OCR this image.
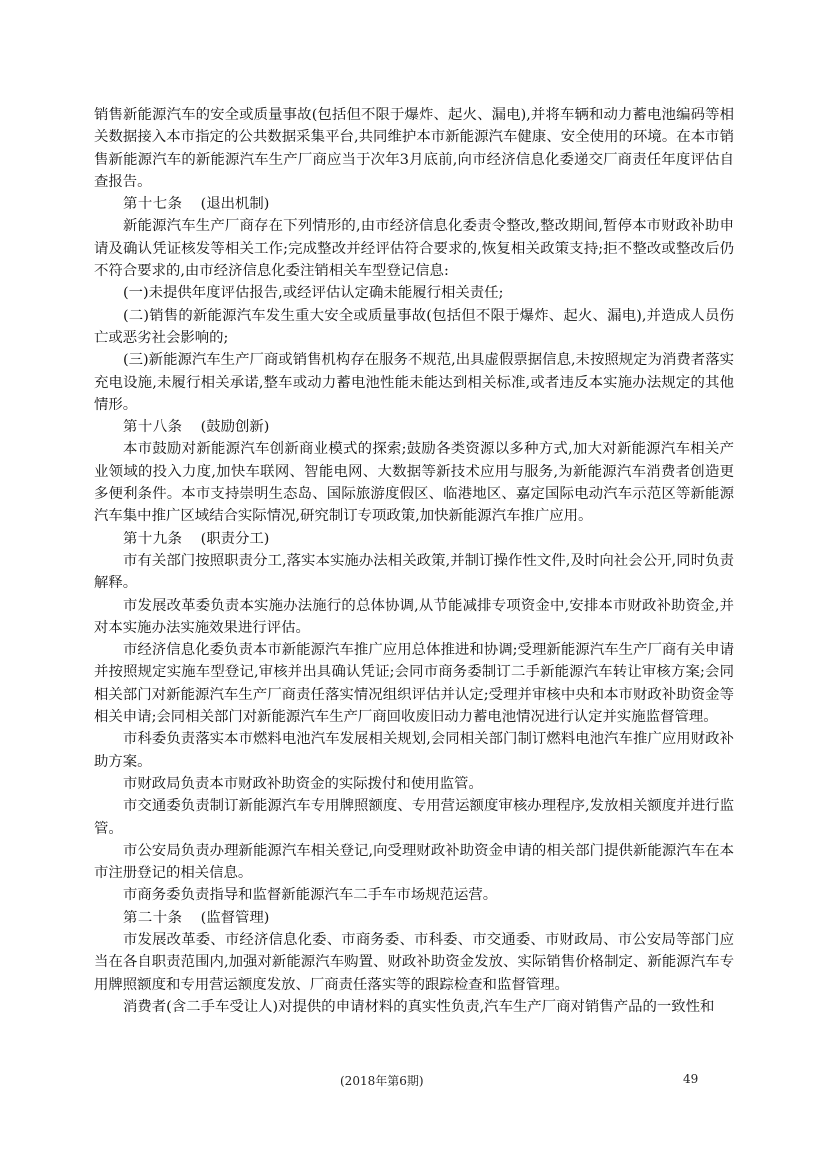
销售新能源汽车的安全或质量事故(包括但不限于爆炸、起火、漏电),并将车辆和动力蓄电池编码等相关数据接入本市指定的公共数据采集平台,共同维护本市新能源汽车健康、安全使用的环境。在本市销售新能源汽车的新能源汽车生产厂商应当于次年3月底前,向市经济信息化委递交厂商责任年度评估自查报告。

第十七条 (退出机制)

新能源汽车生产厂商存在下列情形的,由市经济信息化委责令整改,整改期间,暂停本市财政补助申请及确认凭证核发等相关工作;完成整改并经评估符合要求的,恢复相关政策支持;拒不整改或整改后仍不符合要求的,由市经济信息化委注销相关车型登记信息:

(一)未提供年度评估报告,或经评估认定确未能履行相关责任;

(二)销售的新能源汽车发生重大安全或质量事故(包括但不限于爆炸、起火、漏电),并造成人员伤亡或恶劣社会影响的;

(三)新能源汽车生产厂商或销售机构存在服务不规范,出具虚假票据信息,未按照规定为消费者落实充电设施,未履行相关承诺,整车或动力蓄电池性能未能达到相关标准,或者违反本实施办法规定的其他情形。

第十八条 (鼓励创新)

本市鼓励对新能源汽车创新商业模式的探索;鼓励各类资源以多种方式,加大对新能源汽车相关产业领域的投入力度,加快车联网、智能电网、大数据等新技术应用与服务,为新能源汽车消费者创造更多便利条件。本市支持崇明生态岛、国际旅游度假区、临港地区、嘉定国际电动汽车示范区等新能源汽车集中推广区域结合实际情况,研究制订专项政策,加快新能源汽车推广应用。

第十九条 (职责分工)

市有关部门按照职责分工,落实本实施办法相关政策,并制订操作性文件,及时向社会公开,同时负责解释。

市发展改革委负责本实施办法施行的总体协调,从节能减排专项资金中,安排本市财政补助资金,并对本实施办法实施效果进行评估。

市经济信息化委负责本市新能源汽车推广应用总体推进和协调;受理新能源汽车生产厂商有关申请并按照规定实施车型登记,审核并出具确认凭证;会同市商务委制订二手新能源汽车转让审核方案;会同相关部门对新能源汽车生产厂商责任落实情况组织评估并认定;受理并审核中央和本市财政补助资金等相关申请;会同相关部门对新能源汽车生产厂商回收废旧动力蓄电池情况进行认定并实施监督管理。

市科委负责落实本市燃料电池汽车发展相关规划,会同相关部门制订燃料电池汽车推广应用财政补助方案。

市财政局负责本市财政补助资金的实际拨付和使用监管。

市交通委负责制订新能源汽车专用牌照额度、专用营运额度审核办理程序,发放相关额度并进行监管。

市公安局负责办理新能源汽车相关登记,向受理财政补助资金申请的相关部门提供新能源汽车在本市注册登记的相关信息。

市商务委负责指导和监督新能源汽车二手车市场规范运营。

第二十条 (监督管理)

市发展改革委、市经济信息化委、市商务委、市科委、市交通委、市财政局、市公安局等部门应当在各自职责范围内,加强对新能源汽车购置、财政补助资金发放、实际销售价格制定、新能源汽车专用牌照额度和专用营运额度发放、厂商责任落实等的跟踪检查和监督管理。

消费者(含二手车受让人)对提供的申请材料的真实性负责,汽车生产厂商对销售产品的一致性和

(2018年第6期)	49
